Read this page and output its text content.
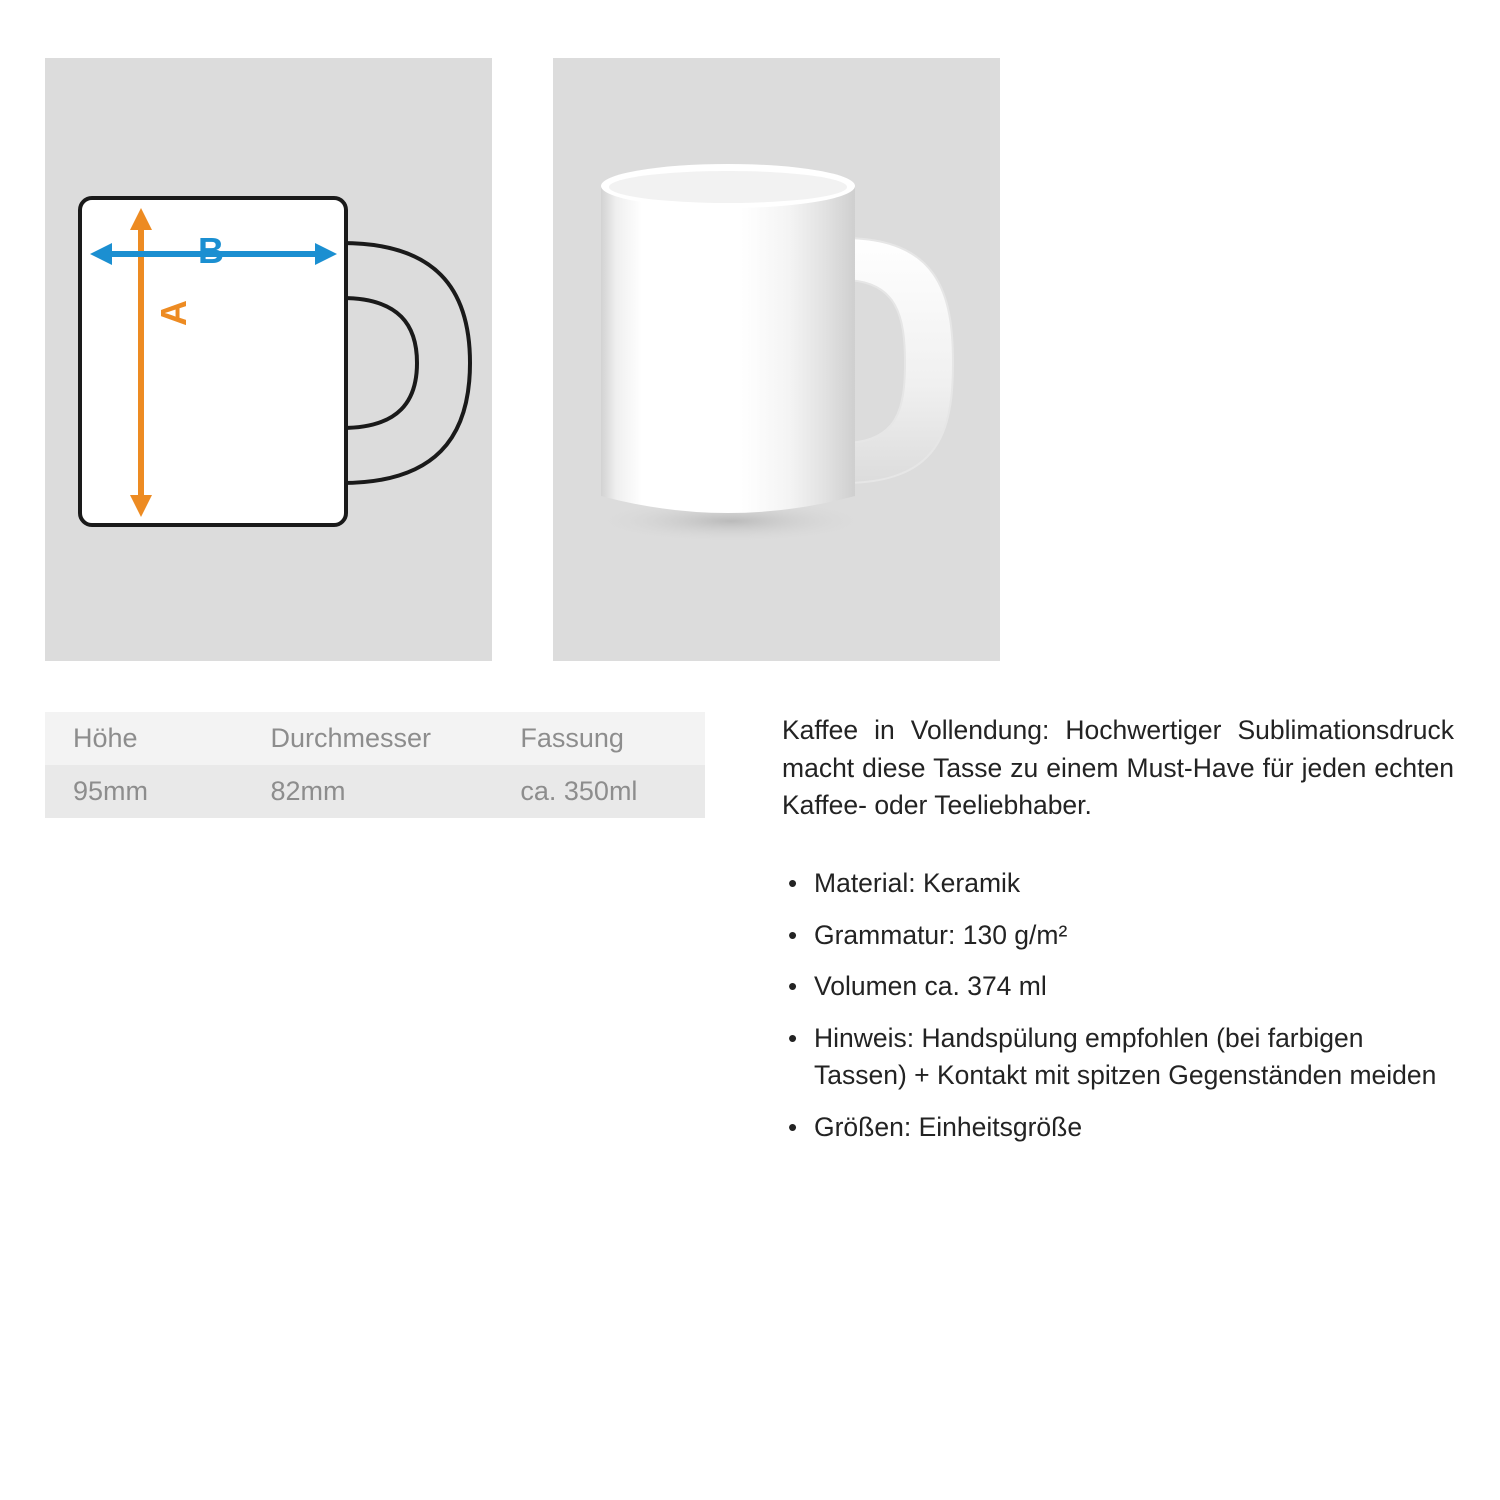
A
B
Höhe	Durchmesser	Fassung
95mm	82mm	ca. 350ml

Kaffee in Vollendung: Hochwertiger Sublimationsdruck macht diese Tasse zu einem Must-Have für jeden echten Kaffee- oder Teeliebhaber.

• Material: Keramik
• Grammatur: 130 g/m²
• Volumen ca. 374 ml
• Hinweis: Handspülung empfohlen (bei farbigen Tassen) + Kontakt mit spitzen Gegenständen meiden
• Größen: Einheitsgröße
